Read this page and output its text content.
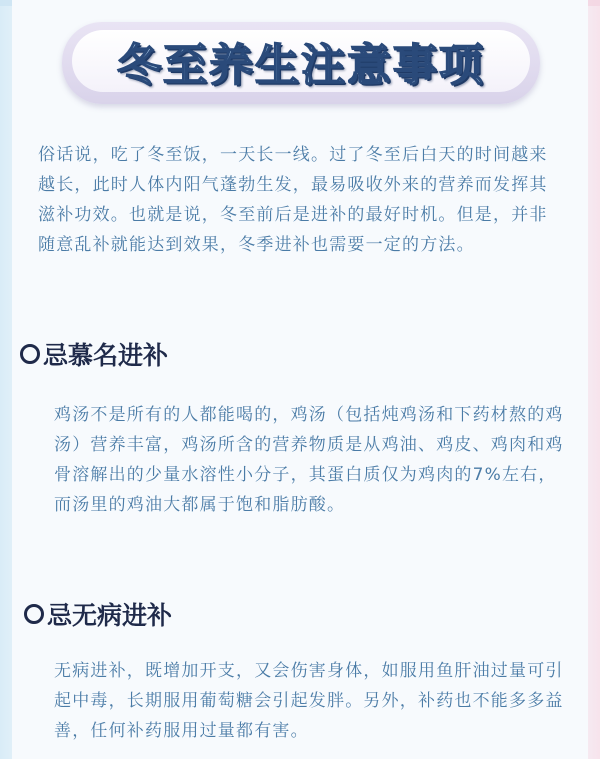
冬至养生注意事项

俗话说，吃了冬至饭，一天长一线。过了冬至后白天的时间越来越长，此时人体内阳气蓬勃生发，最易吸收外来的营养而发挥其滋补功效。也就是说，冬至前后是进补的最好时机。但是，并非随意乱补就能达到效果，冬季进补也需要一定的方法。

忌慕名进补

鸡汤不是所有的人都能喝的，鸡汤（包括炖鸡汤和下药材熬的鸡汤）营养丰富，鸡汤所含的营养物质是从鸡油、鸡皮、鸡肉和鸡骨溶解出的少量水溶性小分子，其蛋白质仅为鸡肉的7%左右，而汤里的鸡油大都属于饱和脂肪酸。

忌无病进补

无病进补，既增加开支，又会伤害身体，如服用鱼肝油过量可引起中毒，长期服用葡萄糖会引起发胖。另外，补药也不能多多益善，任何补药服用过量都有害。
